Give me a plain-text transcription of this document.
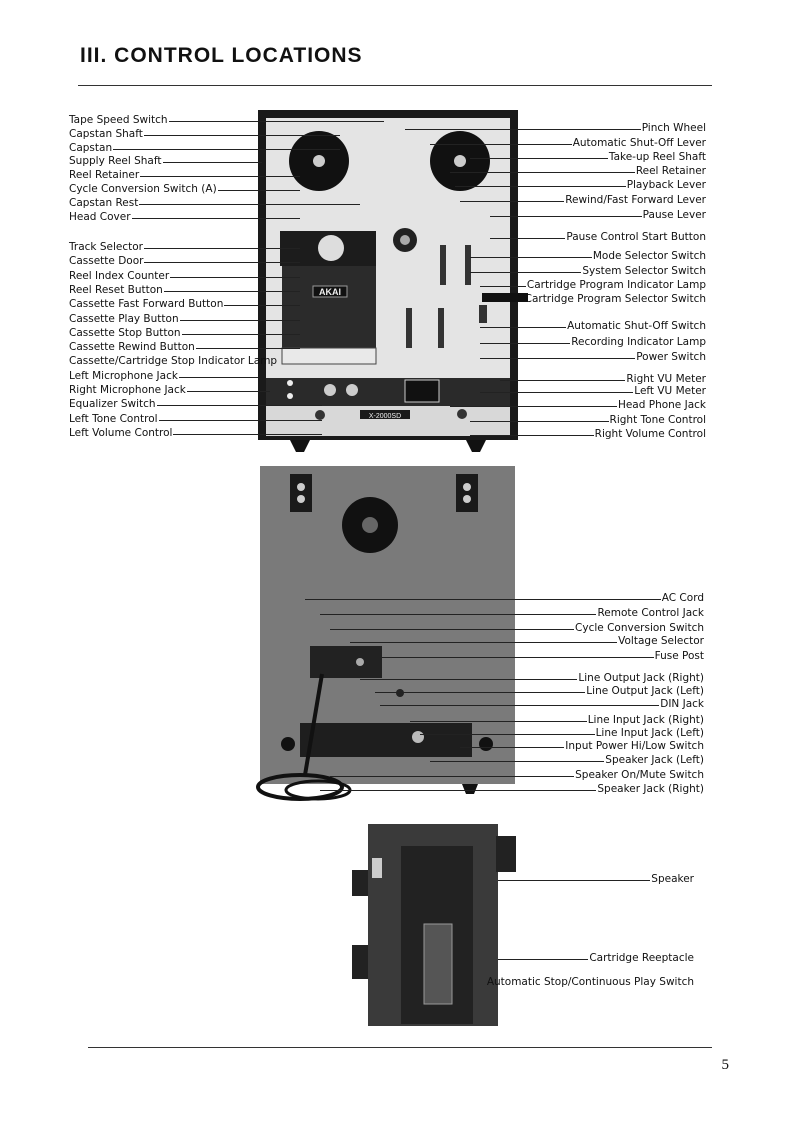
III. CONTROL LOCATIONS
AKAI
X-2000SD
Pinch Wheel
Automatic Shut-Off Lever
Take-up Reel Shaft
Reel Retainer
Playback Lever
Rewind/Fast Forward Lever
Pause Lever
Pause Control Start Button
Mode Selector Switch
System Selector Switch
Cartridge Program Indicator Lamp
Cartridge Program Selector Switch
Automatic Shut-Off Switch
Recording Indicator Lamp
Power Switch
Right VU Meter
Left VU Meter
Head Phone Jack
Right Tone Control
Right Volume Control
AC Cord
Remote Control Jack
Cycle Conversion Switch
Voltage Selector
Fuse Post
Line Output Jack (Right)
Line Output Jack (Left)
DIN Jack
Line Input Jack (Right)
Line Input Jack (Left)
Input Power Hi/Low Switch
Speaker Jack (Left)
Speaker On/Mute Switch
Speaker Jack (Right)
Speaker
Cartridge Reeptacle
Automatic Stop/Continuous Play Switch
5
Tape Speed Switch
Capstan Shaft
Capstan
Supply Reel Shaft
Reel Retainer
Cycle Conversion Switch (A)
Capstan Rest
Head Cover
Track Selector
Cassette Door
Reel Index Counter
Reel Reset Button
Cassette Fast Forward Button
Cassette Play Button
Cassette Stop Button
Cassette Rewind Button
Cassette/Cartridge Stop Indicator Lamp
Left Microphone Jack
Right Microphone Jack
Equalizer Switch
Left Tone Control
Left Volume Control
